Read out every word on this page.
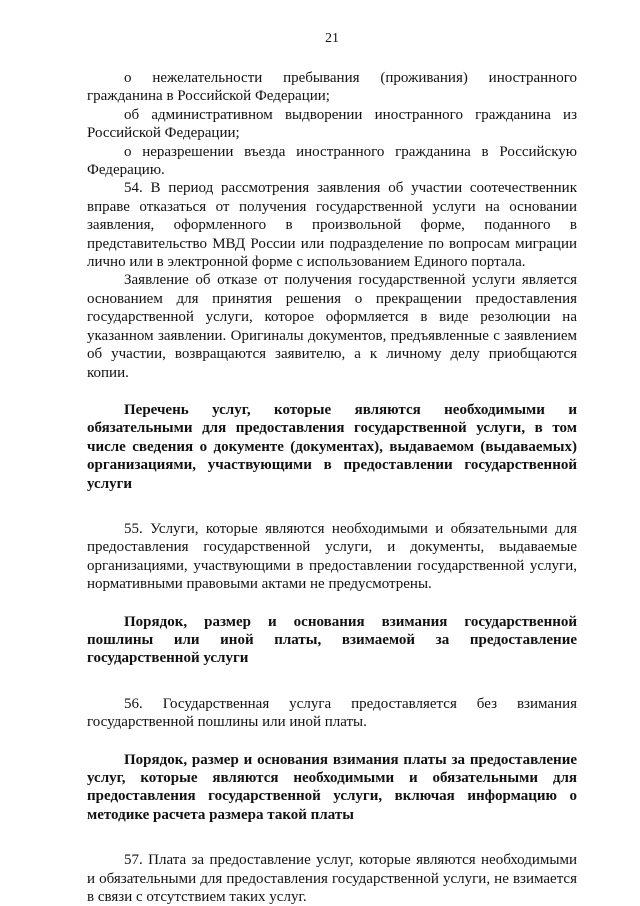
21

о нежелательности пребывания (проживания) иностранного гражданина в Российской Федерации;

об административном выдворении иностранного гражданина из Российской Федерации;

о неразрешении въезда иностранного гражданина в Российскую Федерацию.

54. В период рассмотрения заявления об участии соотечественник вправе отказаться от получения государственной услуги на основании заявления, оформленного в произвольной форме, поданного в представительство МВД России или подразделение по вопросам миграции лично или в электронной форме с использованием Единого портала.

Заявление об отказе от получения государственной услуги является основанием для принятия решения о прекращении предоставления государственной услуги, которое оформляется в виде резолюции на указанном заявлении. Оригиналы документов, предъявленные с заявлением об участии, возвращаются заявителю, а к личному делу приобщаются копии.

Перечень услуг, которые являются необходимыми и обязательными для предоставления государственной услуги, в том числе сведения о документе (документах), выдаваемом (выдаваемых) организациями, участвующими в предоставлении государственной услуги

55. Услуги, которые являются необходимыми и обязательными для предоставления государственной услуги, и документы, выдаваемые организациями, участвующими в предоставлении государственной услуги, нормативными правовыми актами не предусмотрены.

Порядок, размер и основания взимания государственной пошлины или иной платы, взимаемой за предоставление государственной услуги

56. Государственная услуга предоставляется без взимания государственной пошлины или иной платы.

Порядок, размер и основания взимания платы за предоставление услуг, которые являются необходимыми и обязательными для предоставления государственной услуги, включая информацию о методике расчета размера такой платы

57. Плата за предоставление услуг, которые являются необходимыми и обязательными для предоставления государственной услуги, не взимается в связи с отсутствием таких услуг.
